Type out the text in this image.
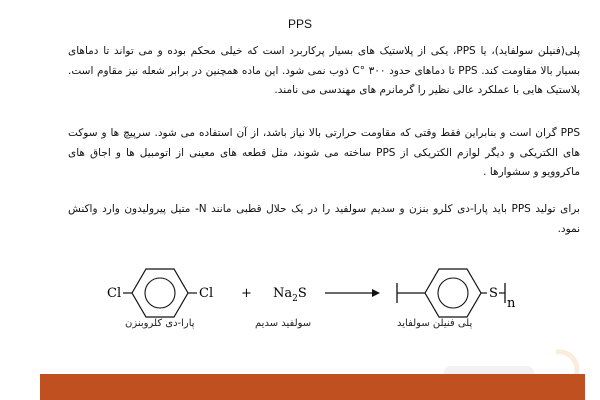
PPS
پلی(فنیلن سولفاید)، یا PPS، یکی از پلاستیک های بسیار پرکاربرد است که خیلی محکم بوده و می تواند تا دماهای بسیار بالا مقاومت کند. PPS تا دماهای حدود ۳۰۰ °C ذوب نمی شود. این ماده همچنین در برابر شعله نیز مقاوم است. پلاستیک هایی با عملکرد عالی نظیر را گرمانرم های مهندسی می نامند.
PPS گران است و بنابراین فقط وقتی که مقاومت حرارتی بالا نیاز باشد، از آن استفاده می شود. سرپیچ ها و سوکت های الکتریکی و دیگر لوازم الکتریکی از PPS ساخته می شوند، مثل قطعه های معینی از اتومبیل ها و اجاق های ماکروویو و سشوارها .
برای تولید PPS باید پارا-دی کلرو بنزن و سدیم سولفید را در یک حلال قطبی مانند N- متیل پیرولیدون وارد واکنش نمود.
Cl	$Cl + Na_2S$	S
n
پارا-دی کلروبنزن	سولفید سدیم	پلی فنیلن سولفاید
